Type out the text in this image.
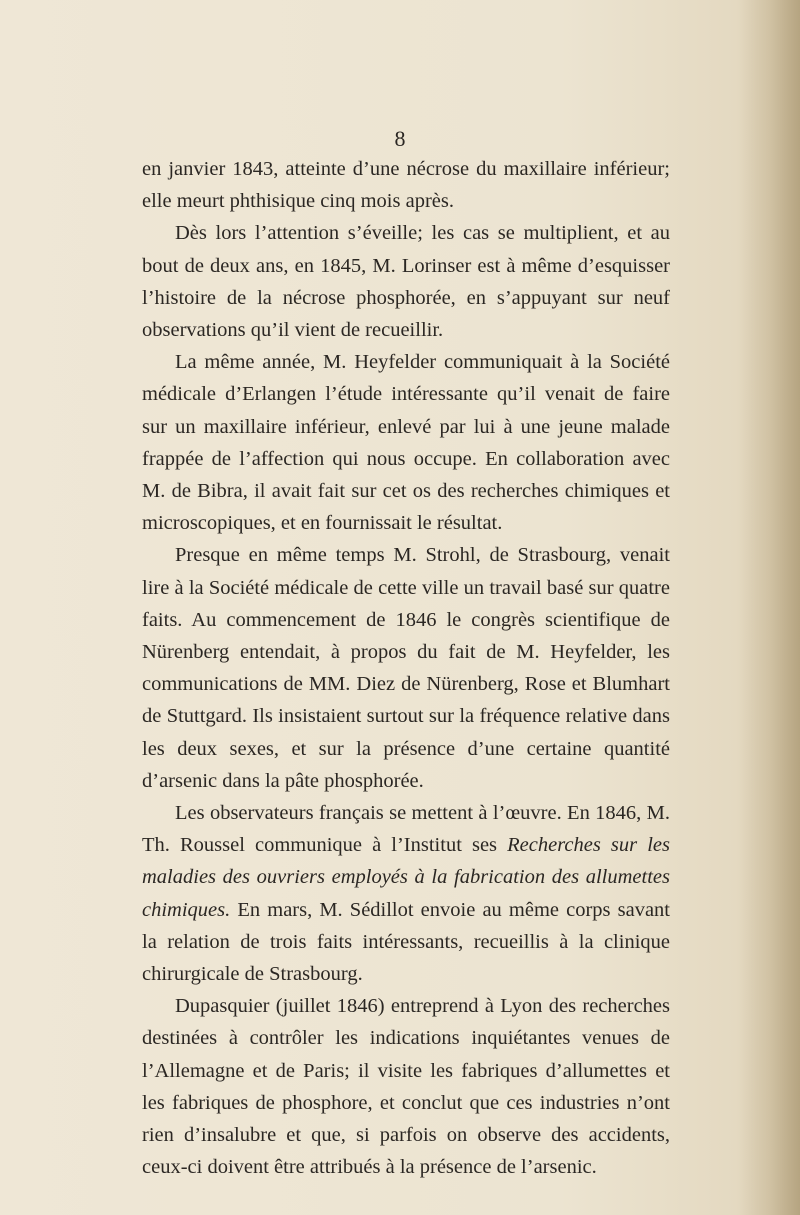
8

en janvier 1843, atteinte d’une nécrose du maxillaire inférieur; elle meurt phthisique cinq mois après.

Dès lors l’attention s’éveille; les cas se multiplient, et au bout de deux ans, en 1845, M. Lorinser est à même d’esquisser l’histoire de la nécrose phosphorée, en s’appuyant sur neuf observations qu’il vient de recueillir.

La même année, M. Heyfelder communiquait à la Société médicale d’Erlangen l’étude intéressante qu’il venait de faire sur un maxillaire inférieur, enlevé par lui à une jeune malade frappée de l’affection qui nous occupe. En collaboration avec M. de Bibra, il avait fait sur cet os des recherches chimiques et microscopiques, et en fournissait le résultat.

Presque en même temps M. Strohl, de Strasbourg, venait lire à la Société médicale de cette ville un travail basé sur quatre faits. Au commencement de 1846 le congrès scientifique de Nürenberg entendait, à propos du fait de M. Heyfelder, les communications de MM. Diez de Nürenberg, Rose et Blumhart de Stuttgard. Ils insistaient surtout sur la fréquence relative dans les deux sexes, et sur la présence d’une certaine quantité d’arsenic dans la pâte phosphorée.

Les observateurs français se mettent à l’œuvre. En 1846, M. Th. Roussel communique à l’Institut ses Recherches sur les maladies des ouvriers employés à la fabrication des allumettes chimiques. En mars, M. Sédillot envoie au même corps savant la relation de trois faits intéressants, recueillis à la clinique chirurgicale de Strasbourg.

Dupasquier (juillet 1846) entreprend à Lyon des recherches destinées à contrôler les indications inquiétantes venues de l’Allemagne et de Paris; il visite les fabriques d’allumettes et les fabriques de phosphore, et conclut que ces industries n’ont rien d’insalubre et que, si parfois on observe des accidents, ceux-ci doivent être attribués à la présence de l’arsenic.
